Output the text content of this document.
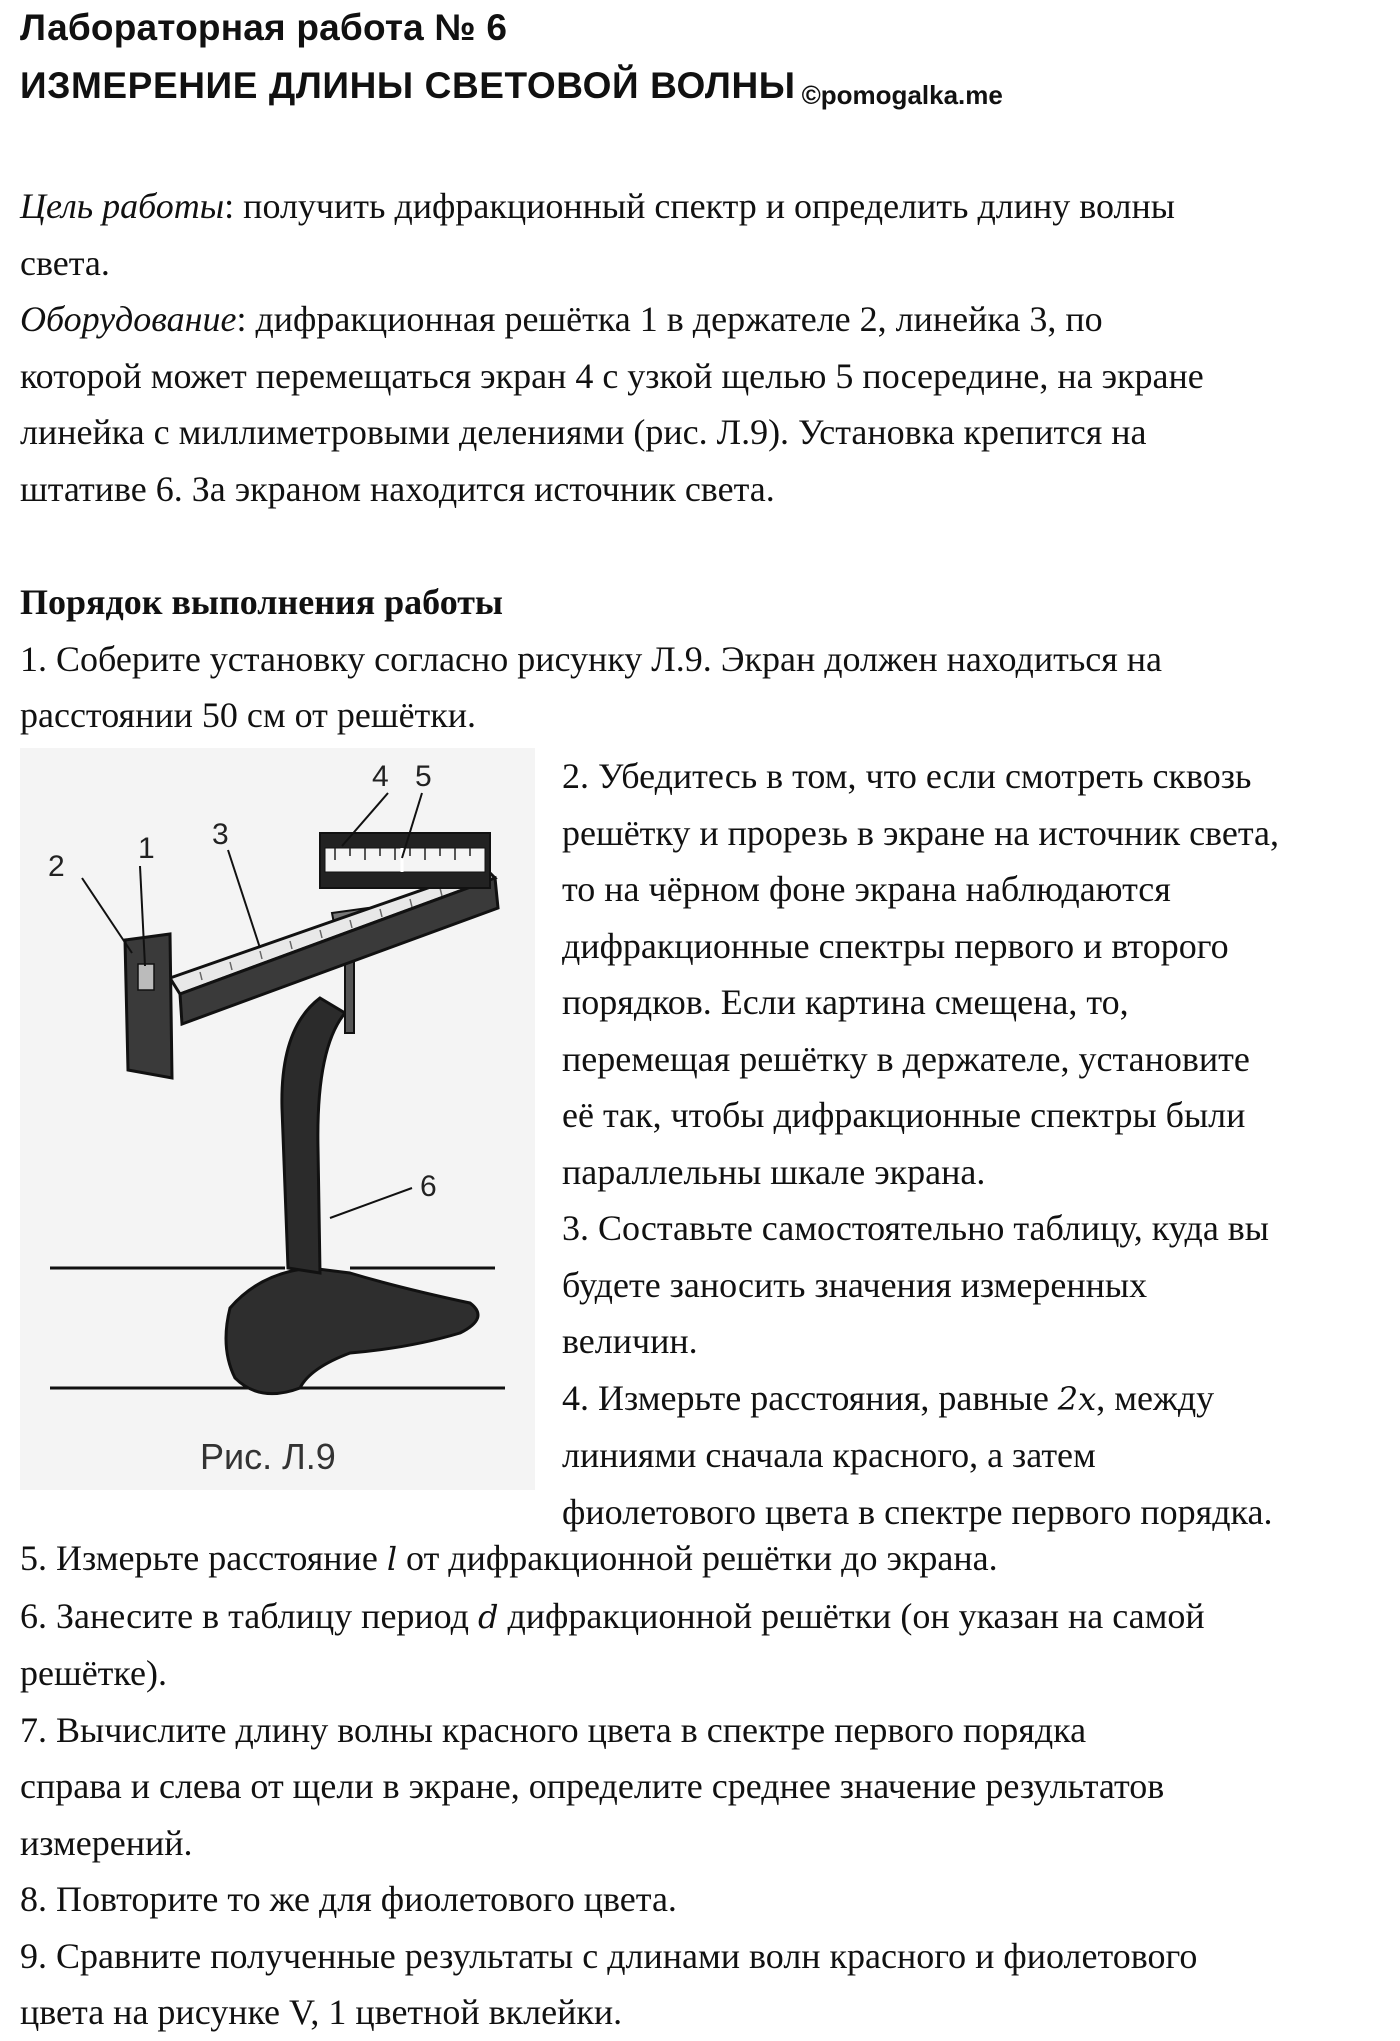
Лабораторная работа № 6
ИЗМЕРЕНИЕ ДЛИНЫ СВЕТОВОЙ ВОЛНЫ ©pomogalka.me
Цель работы: получить дифракционный спектр и определить длину волны
света.
Оборудование: дифракционная решётка 1 в держателе 2, линейка 3, по
которой может перемещаться экран 4 с узкой щелью 5 посередине, на экране
линейка с миллиметровыми делениями (рис. Л.9). Установка крепится на
штативе 6. За экраном находится источник света.
Порядок выполнения работы
1. Соберите установку согласно рисунку Л.9. Экран должен находиться на
расстоянии 50 см от решётки.
1
2
3
4 5
6
Рис. Л.9
2. Убедитесь в том, что если смотреть сквозь
решётку и прорезь в экране на источник света,
то на чёрном фоне экрана наблюдаются
дифракционные спектры первого и второго
порядков. Если картина смещена, то,
перемещая решётку в держателе, установите
её так, чтобы дифракционные спектры были
параллельны шкале экрана.
3. Составьте самостоятельно таблицу, куда вы
будете заносить значения измеренных
величин.
4. Измерьте расстояния, равные 2x, между
линиями сначала красного, а затем
фиолетового цвета в спектре первого порядка.
5. Измерьте расстояние l от дифракционной решётки до экрана.
6. Занесите в таблицу период d дифракционной решётки (он указан на самой
решётке).
7. Вычислите длину волны красного цвета в спектре первого порядка
справа и слева от щели в экране, определите среднее значение результатов
измерений.
8. Повторите то же для фиолетового цвета.
9. Сравните полученные результаты с длинами волн красного и фиолетового
цвета на рисунке V, 1 цветной вклейки.
